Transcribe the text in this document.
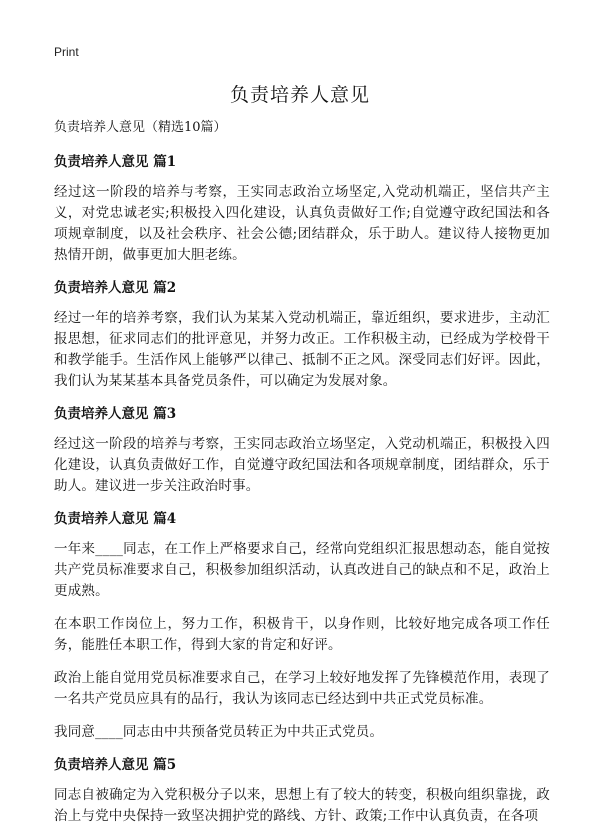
Print
负责培养人意见

负责培养人意见（精选10篇）

负责培养人意见 篇1

经过这一阶段的培养与考察，王实同志政治立场坚定,入党动机端正，坚信共产主义，对党忠诚老实;积极投入四化建设，认真负责做好工作;自觉遵守政纪国法和各项规章制度，以及社会秩序、社会公德;团结群众，乐于助人。建议待人接物更加热情开朗，做事更加大胆老练。

负责培养人意见 篇2

经过一年的培养考察，我们认为某某入党动机端正，靠近组织，要求进步，主动汇报思想，征求同志们的批评意见，并努力改正。工作积极主动，已经成为学校骨干和教学能手。生活作风上能够严以律己、抵制不正之风。深受同志们好评。因此，我们认为某某基本具备党员条件，可以确定为发展对象。

负责培养人意见 篇3

经过这一阶段的培养与考察，王实同志政治立场坚定，入党动机端正，积极投入四化建设，认真负责做好工作，自觉遵守政纪国法和各项规章制度，团结群众，乐于助人。建议进一步关注政治时事。

负责培养人意见 篇4

一年来____同志，在工作上严格要求自己，经常向党组织汇报思想动态，能自觉按共产党员标准要求自己，积极参加组织活动，认真改进自己的缺点和不足，政治上更成熟。

在本职工作岗位上，努力工作，积极肯干，以身作则，比较好地完成各项工作任务，能胜任本职工作，得到大家的肯定和好评。

政治上能自觉用党员标准要求自己，在学习上较好地发挥了先锋模范作用，表现了一名共产党员应具有的品行，我认为该同志已经达到中共正式党员标准。

我同意____同志由中共预备党员转正为中共正式党员。

负责培养人意见 篇5

同志自被确定为入党积极分子以来，思想上有了较大的转变，积极向组织靠拢，政治上与党中央保持一致坚决拥护党的路线、方针、政策;工作中认真负责，在各项
